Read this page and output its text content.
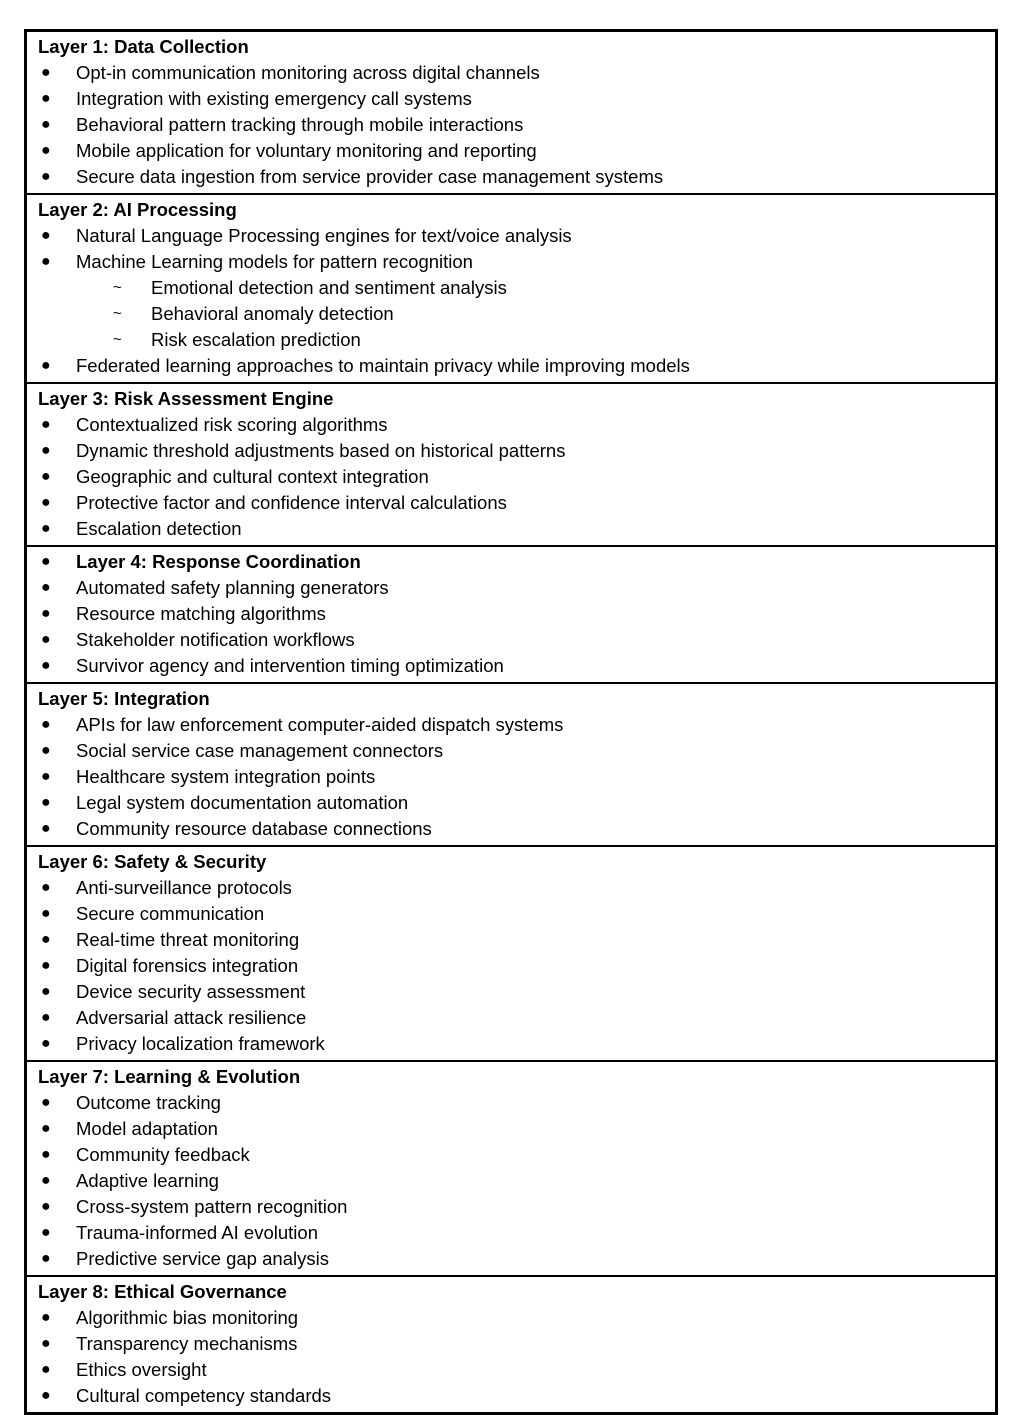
Layer 1: Data Collection
●	Opt-in communication monitoring across digital channels
●	Integration with existing emergency call systems
●	Behavioral pattern tracking through mobile interactions
●	Mobile application for voluntary monitoring and reporting
●	Secure data ingestion from service provider case management systems
Layer 2: AI Processing
●	Natural Language Processing engines for text/voice analysis
●	Machine Learning models for pattern recognition
~	Emotional detection and sentiment analysis
~	Behavioral anomaly detection
~	Risk escalation prediction
●	Federated learning approaches to maintain privacy while improving models
Layer 3: Risk Assessment Engine
●	Contextualized risk scoring algorithms
●	Dynamic threshold adjustments based on historical patterns
●	Geographic and cultural context integration
●	Protective factor and confidence interval calculations
●	Escalation detection
●	Layer 4: Response Coordination
●	Automated safety planning generators
●	Resource matching algorithms
●	Stakeholder notification workflows
●	Survivor agency and intervention timing optimization
Layer 5: Integration
●	APIs for law enforcement computer-aided dispatch systems
●	Social service case management connectors
●	Healthcare system integration points
●	Legal system documentation automation
●	Community resource database connections
Layer 6: Safety & Security
●	Anti-surveillance protocols
●	Secure communication
●	Real-time threat monitoring
●	Digital forensics integration
●	Device security assessment
●	Adversarial attack resilience
●	Privacy localization framework
Layer 7: Learning & Evolution
●	Outcome tracking
●	Model adaptation
●	Community feedback
●	Adaptive learning
●	Cross-system pattern recognition
●	Trauma-informed AI evolution
●	Predictive service gap analysis
Layer 8: Ethical Governance
●	Algorithmic bias monitoring
●	Transparency mechanisms
●	Ethics oversight
●	Cultural competency standards
